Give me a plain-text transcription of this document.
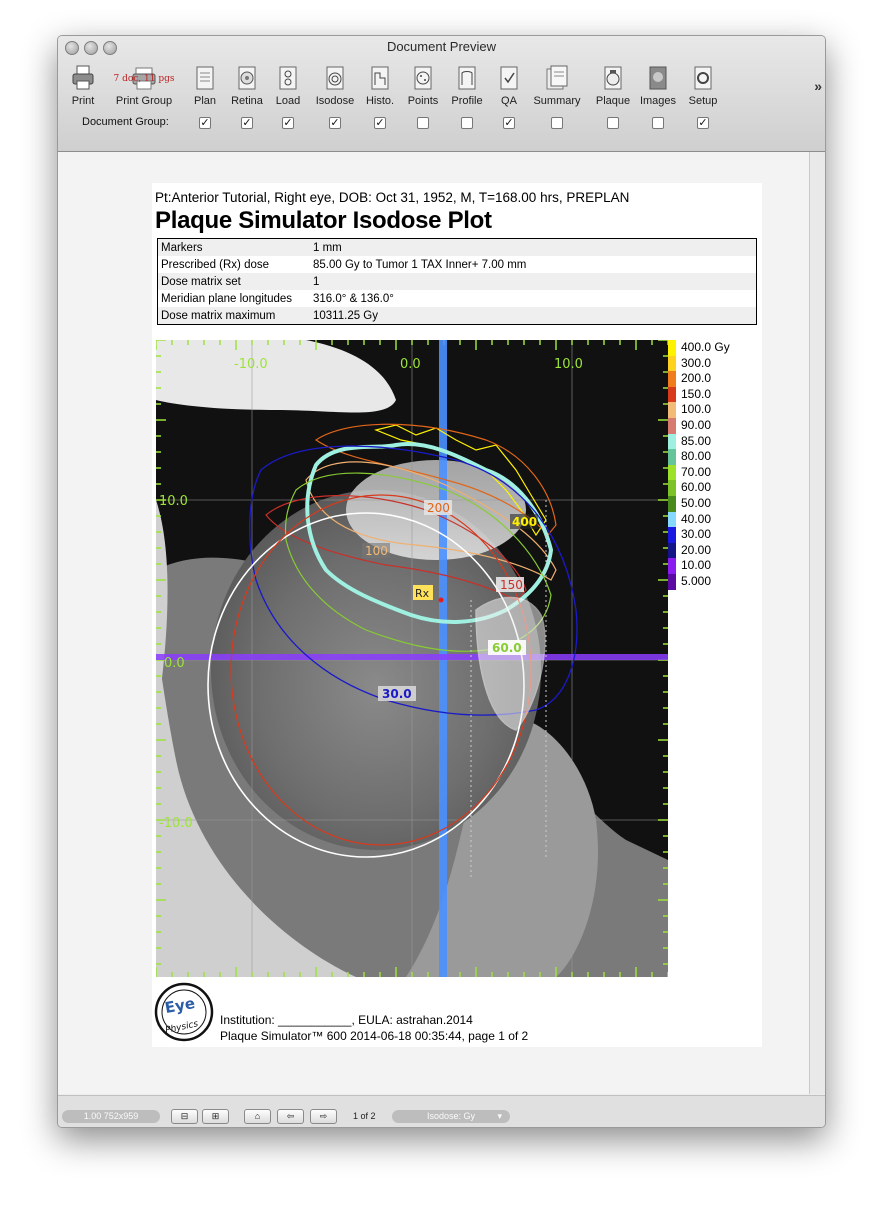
Document Preview
Print
7 doc, 11 pgs
Print Group	Plan	Retina	Load	Isodose	Histo.	Points	Profile	QA	Summary	Plaque Images	Setup
✓	✓	✓	✓	✓	✓	✓
Document Group:
»
Pt:Anterior Tutorial, Right eye, DOB: Oct 31, 1952, M, T=168.00 hrs, PREPLAN
Plaque Simulator Isodose Plot
Markers	1 mm
Prescribed (Rx) dose	85.00 Gy to Tumor 1 TAX Inner+ 7.00 mm
Dose matrix set	1
Meridian plane longitudes	316.0° & 136.0°
Dose matrix maximum	10311.25 Gy
-10.0	0.0	10.0
10.0
0.0
-10.0
200
400
100
150
Rx
60.0
30.0
400.0 Gy
300.0
200.0
150.0
100.0
90.00
85.00
80.00
70.00
60.00
50.00
40.00
30.00
20.00
10.00
5.000
Eye
Physics Institution: ___________, EULA: astrahan.2014
Plaque Simulator™ 600 2014-06-18 00:35:44, page 1 of 2
1.00 752x959	⊟	⊞	⌂	⇦	⇨	1 of 2	Isodose: Gy ▾
